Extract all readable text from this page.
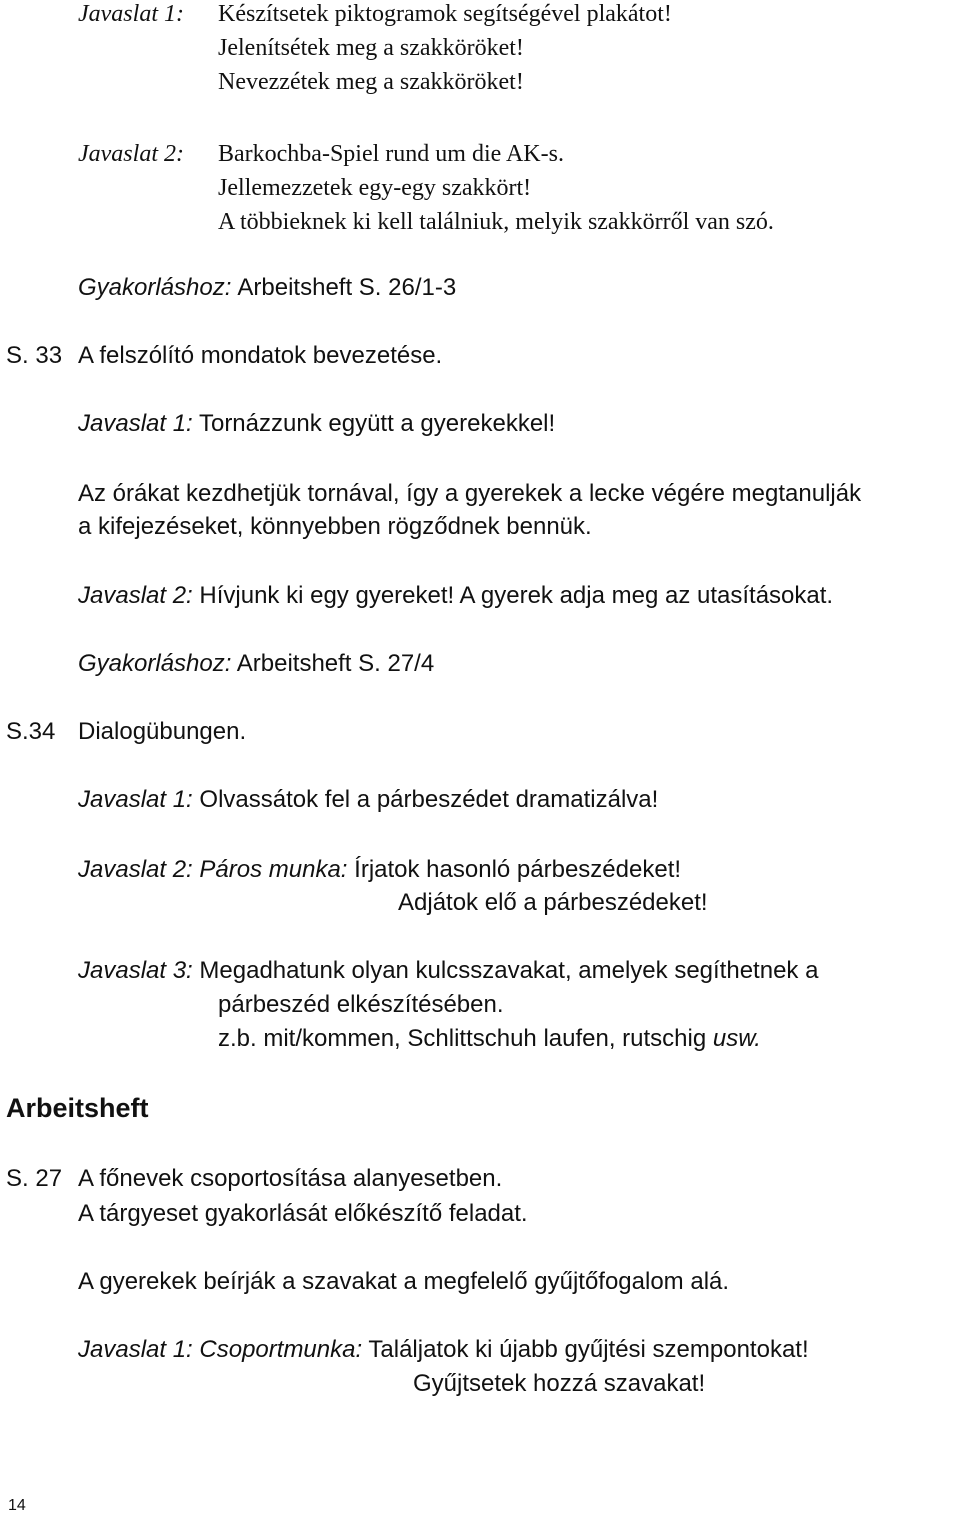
Javaslat 1: Készítsetek piktogramok segítségével plakátot!
Jelenítsétek meg a szakköröket!
Nevezzétek meg a szakköröket!
Javaslat 2: Barkochba-Spiel rund um die AK-s.
Jellemezzetek egy-egy szakkört!
A többieknek ki kell találniuk, melyik szakkörről van szó.
Gyakorláshoz: Arbeitsheft S. 26/1-3
S. 33 A felszólító mondatok bevezetése.
Javaslat 1: Tornázzunk együtt a gyerekekkel!
Az órákat kezdhetjük tornával, így a gyerekek a lecke végére megtanulják
a kifejezéseket, könnyebben rögződnek bennük.
Javaslat 2: Hívjunk ki egy gyereket! A gyerek adja meg az utasításokat.
Gyakorláshoz: Arbeitsheft S. 27/4
S.34 Dialogübungen.
Javaslat 1: Olvassátok fel a párbeszédet dramatizálva!
Javaslat 2: Páros munka: Írjatok hasonló párbeszédeket!
Adjátok elő a párbeszédeket!
Javaslat 3: Megadhatunk olyan kulcsszavakat, amelyek segíthetnek a
párbeszéd elkészítésében.
z.b. mit/kommen, Schlittschuh laufen, rutschig usw.
Arbeitsheft
S. 27 A főnevek csoportosítása alanyesetben.
A tárgyeset gyakorlását előkészítő feladat.
A gyerekek beírják a szavakat a megfelelő gyűjtőfogalom alá.
Javaslat 1: Csoportmunka: Találjatok ki újabb gyűjtési szempontokat!
Gyűjtsetek hozzá szavakat!
14
